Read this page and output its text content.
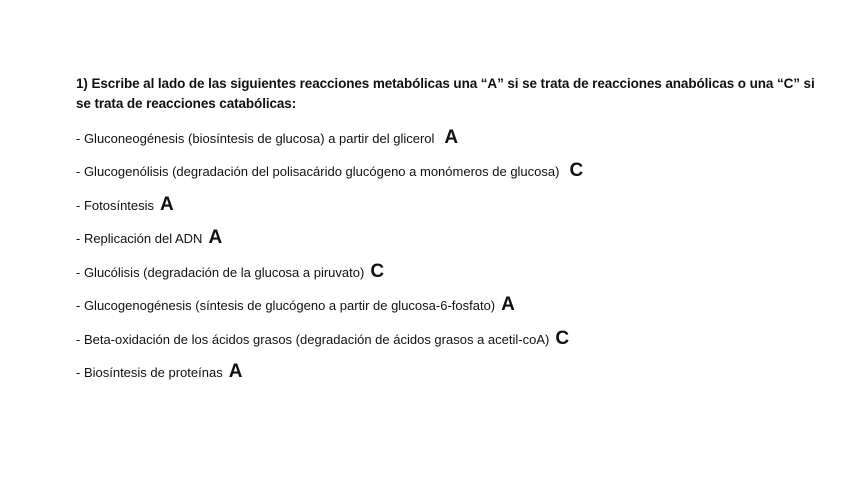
1) Escribe al lado de las siguientes reacciones metabólicas una “A” si se trata de reacciones anabólicas o una “C” si se trata de reacciones catabólicas:
- Gluconeogénesis (biosíntesis de glucosa) a partir del glicerol A
- Glucogenólisis (degradación del polisacárido glucógeno a monómeros de glucosa) C
- Fotosíntesis A
- Replicación del ADN A
- Glucólisis (degradación de la glucosa a piruvato) C
- Glucogenogénesis (síntesis de glucógeno a partir de glucosa-6-fosfato) A
- Beta-oxidación de los ácidos grasos (degradación de ácidos grasos a acetil-coA) C
- Biosíntesis de proteínas A
